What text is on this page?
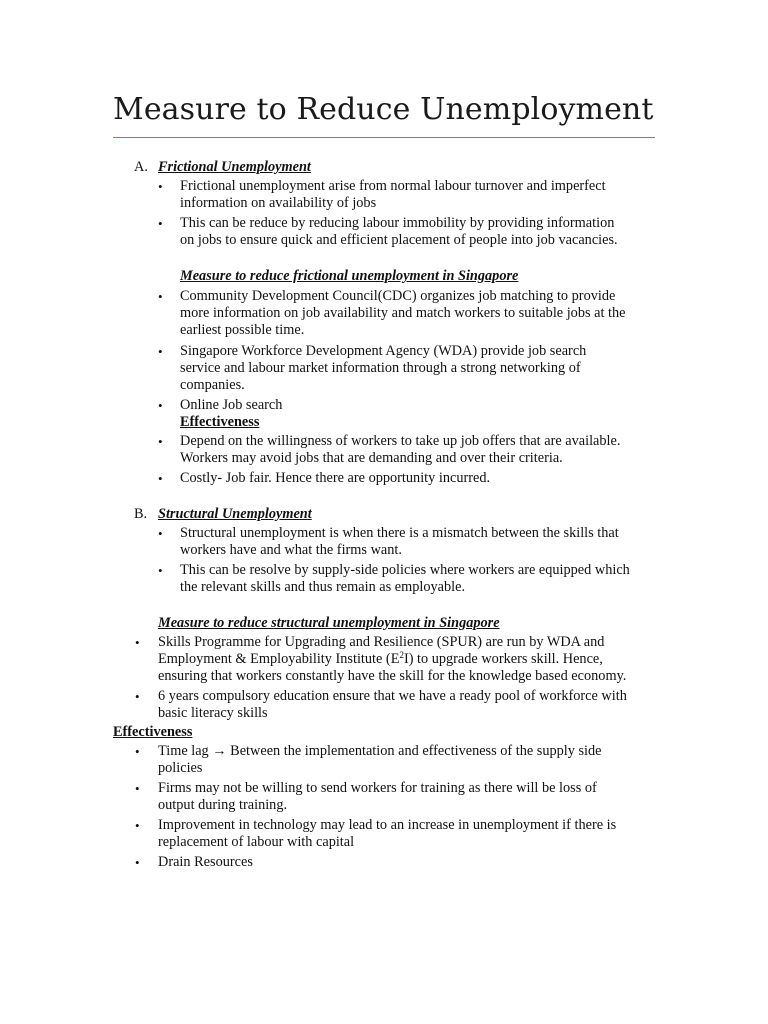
Measure to Reduce Unemployment
A. Frictional Unemployment
• Frictional unemployment arise from normal labour turnover and imperfect
information on availability of jobs
• This can be reduce by reducing labour immobility by providing information
on jobs to ensure quick and efficient placement of people into job vacancies.
Measure to reduce frictional unemployment in Singapore
• Community Development Council(CDC) organizes job matching to provide
more information on job availability and match workers to suitable jobs at the
earliest possible time.
• Singapore Workforce Development Agency (WDA) provide job search
service and labour market information through a strong networking of
companies.
• Online Job search
Effectiveness
• Depend on the willingness of workers to take up job offers that are available.
Workers may avoid jobs that are demanding and over their criteria.
• Costly- Job fair. Hence there are opportunity incurred.
B. Structural Unemployment
• Structural unemployment is when there is a mismatch between the skills that
workers have and what the firms want.
• This can be resolve by supply-side policies where workers are equipped which
the relevant skills and thus remain as employable.
Measure to reduce structural unemployment in Singapore
• Skills Programme for Upgrading and Resilience (SPUR) are run by WDA and
Employment & Employability Institute $(E^2I)$ to upgrade workers skill. Hence,
ensuring that workers constantly have the skill for the knowledge based economy.
• 6 years compulsory education ensure that we have a ready pool of workforce with
basic literacy skills
Effectiveness
• Time lag → Between the implementation and effectiveness of the supply side
policies
• Firms may not be willing to send workers for training as there will be loss of
output during training.
• Improvement in technology may lead to an increase in unemployment if there is
replacement of labour with capital
• Drain Resources
